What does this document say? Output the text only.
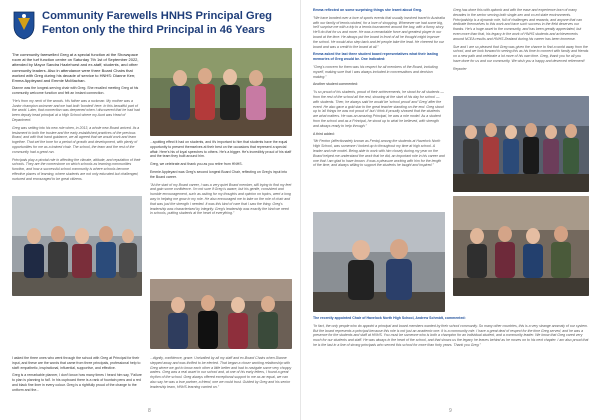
Community Farewells HNHS Principal Greg Fenton only the third Principal in 46 Years

The community farewelled Greg at a special function at the Showspace room at the turf function centre on Saturday 7th 1st of September 2022, attended by Mayor Sandra Hazlehurst and ex-staff, students, and other community leaders. Also in attendance were three Board Chairs that worked with Greg during his decade of service to HNHS: Dianne Kerr, Emma Appleyard and Emmie McMachan.

Dianne was the longest-serving chair with Greg. She recalled meeting Greg at his community welcome function and felt an instant connection.

"He's from my neck of the woods. His father was a ruckman. My mother was a Junior champion swimmer and we had both 'bonded' here. In this beautiful part of the world. Later, that connection was deepened when I discovered that he had had been deputy head principal at a High School where my Aunt was Head of Department.

Greg was setting into his new role when, in 2013, a whole new Board arrived. Its a testament to both the trustee and the early-established practices of the previous Board, and with that hand guidance, we all agreed that we would work and learn together. That set the tone for a period of growth and development, with plenty of opportunities for me as a trained chair. The school, the team and the rest of the community had a great run.

Principals play a pivotal role in affecting the climate, attitude, and reputation of their schools. They are the cornerstone on which schools as learning communities function, and how a successful school community is where schools become effective places of learning, where students are not only educated but challenged, nurtured and encouraged to be great citizens.

...spotting effect it had on students, and it's important to him that students have the equal opportunity to present themselves at their best on the occasions that represent a special affair. Here's his of loyal speeches to others. He's a bigger. He's incredibly proud of his staff and the team they built around him.

Greg, we celebrate and thank you as you retire from HNHS.

Emmie Appleyard was Greg's second longest Board Chair, reflecting on Greg's input into the Board career.

"At the start of my Board career, I was a very quiet Board member, still trying to find my feet and gain some confidence. I'm not sure if Greg is aware, but his gentle, consistent and humble encouragement, such as asking for my thoughts and opinion on topics, went a long way in helping me grow in my role. He also encouraged me to take on the role of chair and that was just the strength I needed. It was this kind of care that I saw the thing. Greg's leadership was characterised by integrity. Greg's leadership was exactly the kind we need in schools, putting students at the heart of everything."

I asked the three ones who went through the school with Greg at Principal for their input, and these are the words that came from three principals, professional help to staff: empathetic, inspirational, influential, supportive, and effective.

Greg is a remarkable planner, I don't know how many times I heard him say, 'Failure to plan is planning to fail'. In his cupboard there is a rank of fountain pens and a red and black fine liner in every colour. Greg is a rightfully proud of the change to the uniform and the...

...dignity, confidence, grace. Unrivalled by all my staff and ex-Board Chairs when Dianne stepped away and was thrilled to be elected. That began a closer working relationship with Greg where we got to know each other a little better and had to navigate some very choppy waters. Greg was a real asset in our school and, at one of his early letters, I found a great rhythm of the school. Greg always offered exceptional support to me as an equal, we can also say he was a true partner, a friend, one we could trust. Guided by Greg and his senior leadership team, HNHS learning carried on."

8

Emma reflected on some surprising things she learnt about Greg.

"We have bonded over a love of sports events that usually involved travel to Australia with our family of tennis wicked, for a love of shopping. Whenever we had some big, he'll surprise me with a trip to a tennis tournament around the bay, with a funny story. He'll do that for us and more. He was a remarkable force and greatest player in our board at the time. He always put the board in front of all he thought might improve the school. He would also step back and let people take the lead. He cheered for our board and was a credit to the board at all."

Emma asked the last three student board representatives what their lasting memories of Greg would be. One indicated:

"Greg's concern for them was his respect for all members of the Board, including myself, making sure that I was always included in conversations and decision making."

Another student commented:

"Is so proud of his students, proud of their achievements, he stood for all students — from the rest of the school all the rest, showing at the start of his day for school — with students. Then, he always said he would be 'school proud' and 'Greg' after the event. He also gave a gold star to the great teacher standing on the end. Greg stood up to 'all things he was not proud of' but I think it proudly showed that the students are what matters. He was an amazing Principal, he was a role model. As a student from the school and as a Principal, he stood up to what he believed, with strength and always ready to help through."

A third added:

"Mr Fenton (affectionately known as Fenta) among the students at Havelock North High School, was someone I looked up to throughout my time at high school. A leader and role model. Being able to work with him closely during my year on the Board helped me understand the work that he did, an important role in his career and one that I am glad to have known. It was a pleasure working with him for the length of the time, and always willing to support the students he taught and inspired."

Greg has done this with aplomb and with the ease and experience born of many decades in the sector serving both single-sex and co-ed state environments. Principalship is a dynamic role, full of challenges and rewards, and anyone that can dedicate themselves to this work and have such success in the field deserves our thanks. He's a huge asset to the community, and has been greatly appreciated, but even more than that, his legacy in the work of HNHS students and achievements around NCEA results and HNHS Zealand during his career has been immense.

Sue and I are so pleased that Greg was given the chance to find a world away from the school, and we look forward to seeing this as his time to connect with family and friends on a new path and celebrate a lot more of his own time. Greg, thank you for all you have done for us and our community. We wish you a happy and deserved retirement!

Reporter

The recently appointed Chair of Havelock North High School, Andrew Schmidt, commented:

"In fact, the only people who do appoint a principal and board members wanted by their school community. So many other countries, this is a very strange anomaly of our system. But the board represents a principal because this role is not just an academic one. It is a community role. I have a great deal of respect for the time Greg served, and he was a presence for the students and staff at HNHS. You must be someone who is both a champion for an individual student, and a community leader. We know that Greg cared very much for our students and staff. He was always in the heart of the school, and that shows us the legacy he leaves behind as he moves on to his next chapter. I am also proud that he is the last in a line of strong principals who served this school for more than forty years. Thank you Greg."

9
